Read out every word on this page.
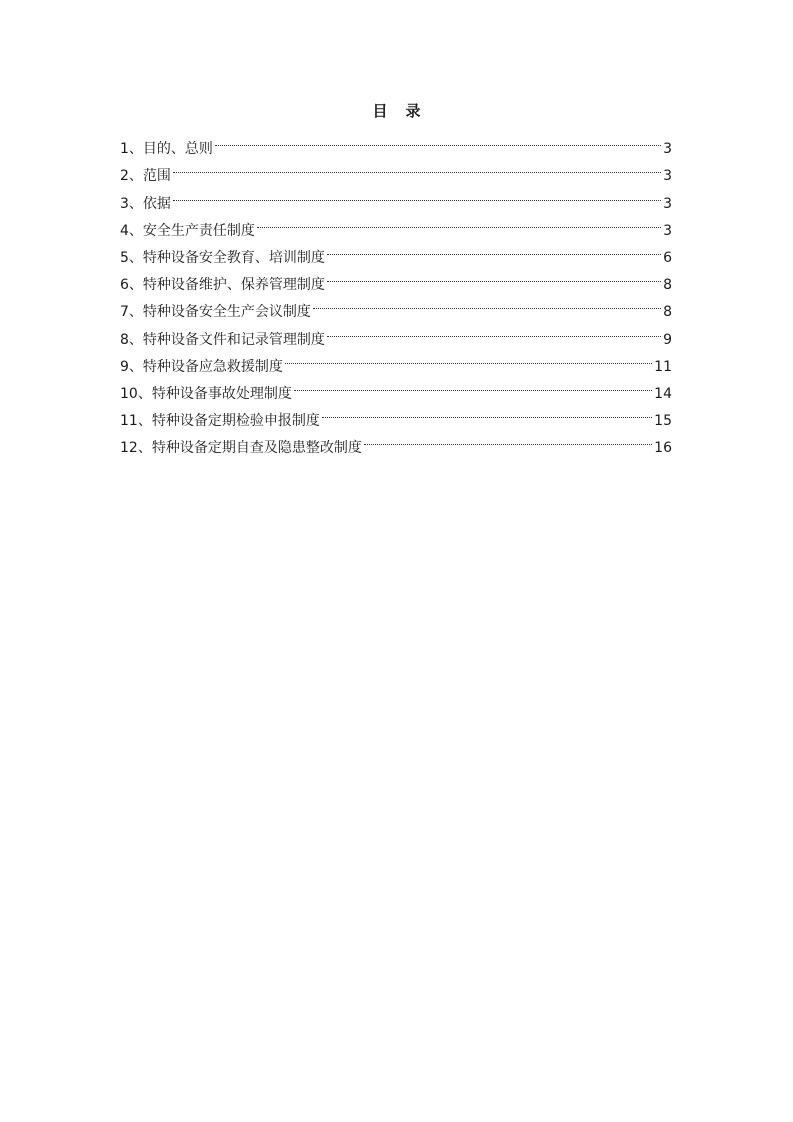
目 录
1、目的、总则	3
2、范围	3
3、依据	3
4、安全生产责任制度	3
5、特种设备安全教育、培训制度	6
6、特种设备维护、保养管理制度	8
7、特种设备安全生产会议制度	8
8、特种设备文件和记录管理制度	9
9、特种设备应急救援制度	11
10、特种设备事故处理制度	14
11、特种设备定期检验申报制度	15
12、特种设备定期自查及隐患整改制度	16
